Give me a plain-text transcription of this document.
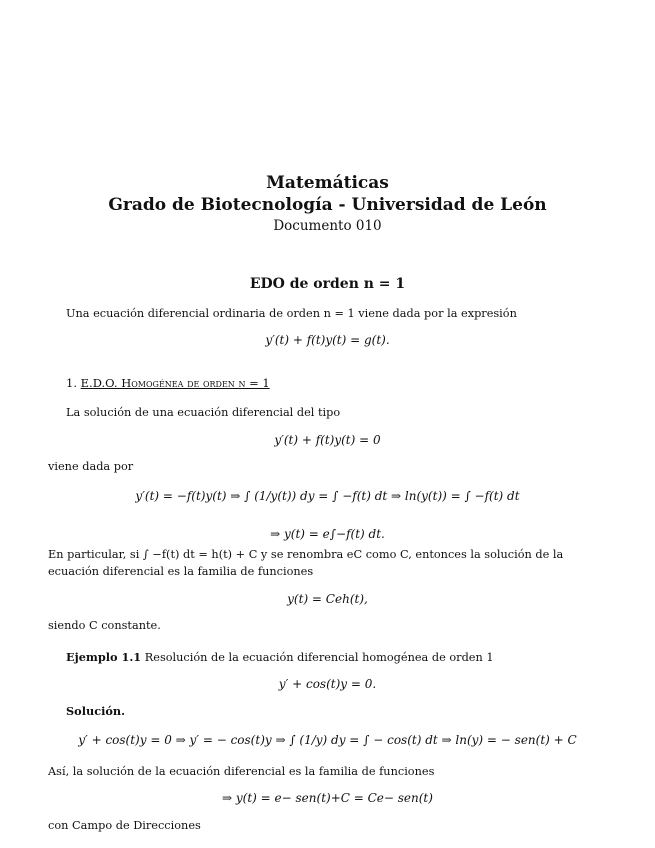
Matemáticas
Grado de Biotecnología - Universidad de León
Documento 010
EDO de orden n = 1
Una ecuación diferencial ordinaria de orden n = 1 viene dada por la expresión
y′(t) + f(t)y(t) = g(t).
1. E.D.O. Homogénea de orden n = 1
La solución de una ecuación diferencial del tipo
y′(t) + f(t)y(t) = 0
viene dada por
y′(t) = −f(t)y(t) ⇒ ∫ (1/y(t)) dy = ∫ −f(t) dt ⇒ ln(y(t)) = ∫ −f(t) dt
⇒ y(t) = e∫−f(t) dt.
En particular, si ∫ −f(t) dt = h(t) + C y se renombra eC como C, entonces la solución de la
ecuación diferencial es la familia de funciones
y(t) = Ceh(t),
siendo C constante.
Ejemplo 1.1 Resolución de la ecuación diferencial homogénea de orden 1
y′ + cos(t)y = 0.
Solución.
y′ + cos(t)y = 0 ⇒ y′ = − cos(t)y ⇒ ∫ (1/y) dy = ∫ − cos(t) dt ⇒ ln(y) = − sen(t) + C
Así, la solución de la ecuación diferencial es la familia de funciones
⇒ y(t) = e− sen(t)+C = Ce− sen(t)
con Campo de Direcciones
